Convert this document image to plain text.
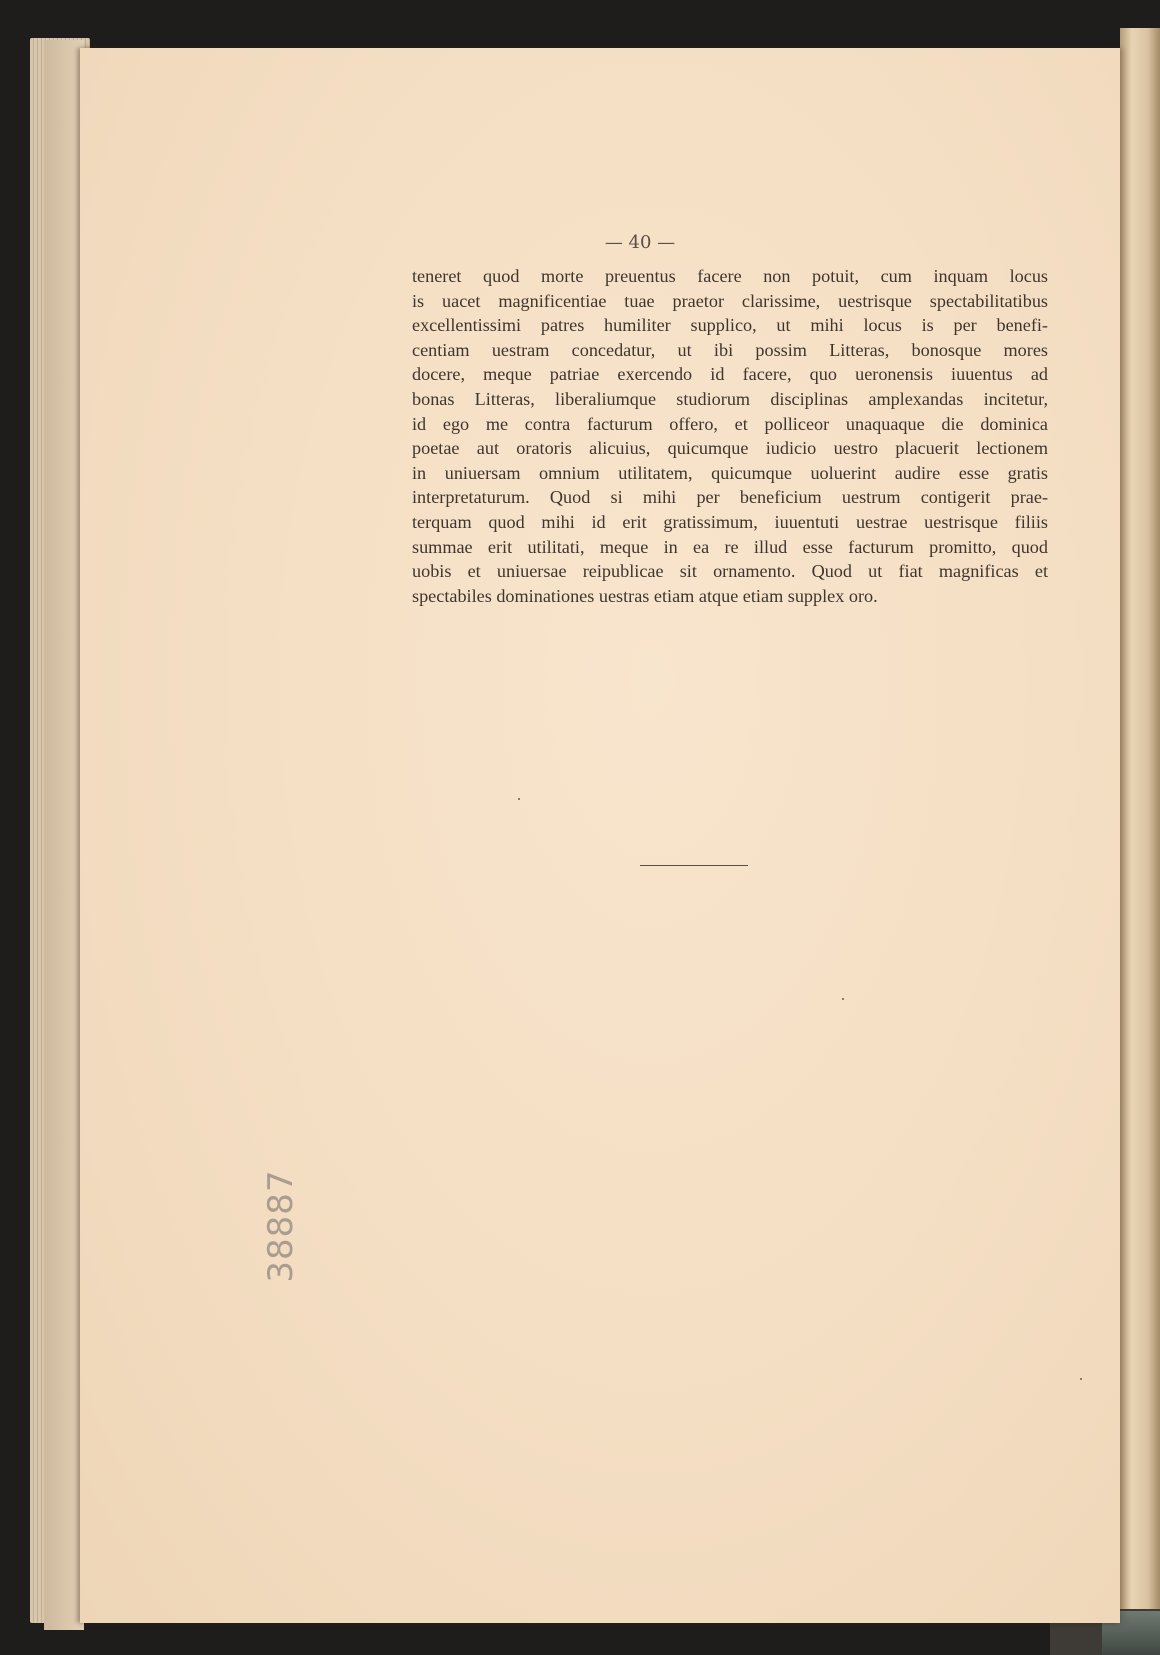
— 40 —
teneret quod morte preuentus facere non potuit, cum inquam locus
is uacet magnificentiae tuae praetor clarissime, uestrisque spectabilitatibus
excellentissimi patres humiliter supplico, ut mihi locus is per benefi-
centiam uestram concedatur, ut ibi possim Litteras, bonosque mores
docere, meque patriae exercendo id facere, quo ueronensis iuuentus ad
bonas Litteras, liberaliumque studiorum disciplinas amplexandas incitetur,
id ego me contra facturum offero, et polliceor unaquaque die dominica
poetae aut oratoris alicuius, quicumque iudicio uestro placuerit lectionem
in uniuersam omnium utilitatem, quicumque uoluerint audire esse gratis
interpretaturum. Quod si mihi per beneficium uestrum contigerit prae-
terquam quod mihi id erit gratissimum, iuuentuti uestrae uestrisque filiis
summae erit utilitati, meque in ea re illud esse facturum promitto, quod
uobis et uniuersae reipublicae sit ornamento. Quod ut fiat magnificas et
spectabiles dominationes uestras etiam atque etiam supplex oro.
38887
